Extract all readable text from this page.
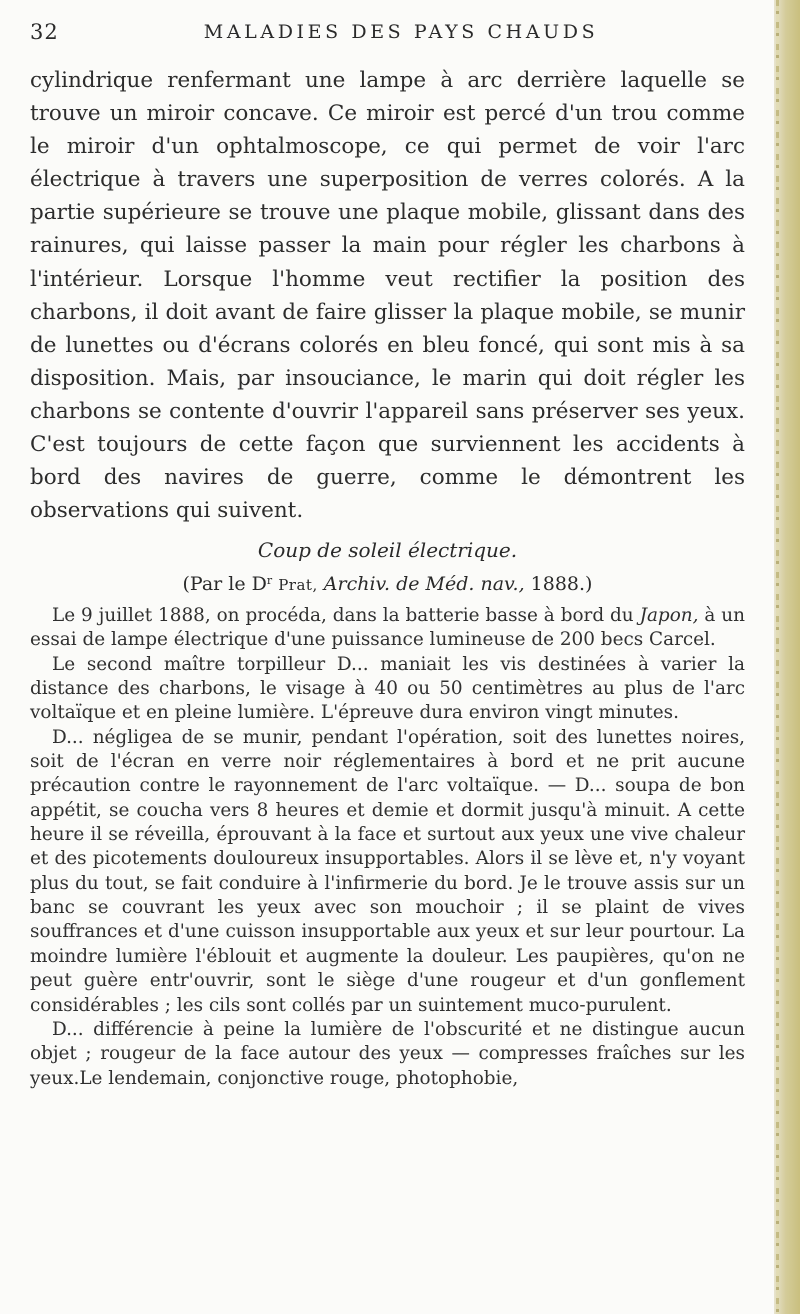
32	MALADIES DES PAYS CHAUDS

cylindrique renfermant une lampe à arc derrière laquelle se trouve un miroir concave. Ce miroir est percé d'un trou comme le miroir d'un ophtalmoscope, ce qui permet de voir l'arc électrique à travers une superposition de verres colorés. A la partie supérieure se trouve une plaque mobile, glissant dans des rainures, qui laisse passer la main pour régler les charbons à l'intérieur. Lorsque l'homme veut rectifier la position des charbons, il doit avant de faire glisser la plaque mobile, se munir de lunettes ou d'écrans colorés en bleu foncé, qui sont mis à sa disposition. Mais, par insouciance, le marin qui doit régler les charbons se contente d'ouvrir l'appareil sans préserver ses yeux. C'est toujours de cette façon que surviennent les accidents à bord des navires de guerre, comme le démontrent les observations qui suivent.

Coup de soleil électrique.
(Par le $D^r$ Prat, Archiv. de Méd. nav., 1888.)

Le 9 juillet 1888, on procéda, dans la batterie basse à bord du Japon, à un essai de lampe électrique d'une puissance lumineuse de 200 becs Carcel.

Le second maître torpilleur D... maniait les vis destinées à varier la distance des charbons, le visage à 40 ou 50 centimètres au plus de l'arc voltaïque et en pleine lumière. L'épreuve dura environ vingt minutes.

D... négligea de se munir, pendant l'opération, soit des lunettes noires, soit de l'écran en verre noir réglementaires à bord et ne prit aucune précaution contre le rayonnement de l'arc voltaïque. — D... soupa de bon appétit, se coucha vers 8 heures et demie et dormit jusqu'à minuit. A cette heure il se réveilla, éprouvant à la face et surtout aux yeux une vive chaleur et des picotements douloureux insupportables. Alors il se lève et, n'y voyant plus du tout, se fait conduire à l'infirmerie du bord. Je le trouve assis sur un banc se couvrant les yeux avec son mouchoir ; il se plaint de vives souffrances et d'une cuisson insupportable aux yeux et sur leur pourtour. La moindre lumière l'éblouit et augmente la douleur. Les paupières, qu'on ne peut guère entr'ouvrir, sont le siège d'une rougeur et d'un gonflement considérables ; les cils sont collés par un suintement muco-purulent.

D... différencie à peine la lumière de l'obscurité et ne distingue aucun objet ; rougeur de la face autour des yeux — compresses fraîches sur les yeux.Le lendemain, conjonctive rouge, photophobie,
